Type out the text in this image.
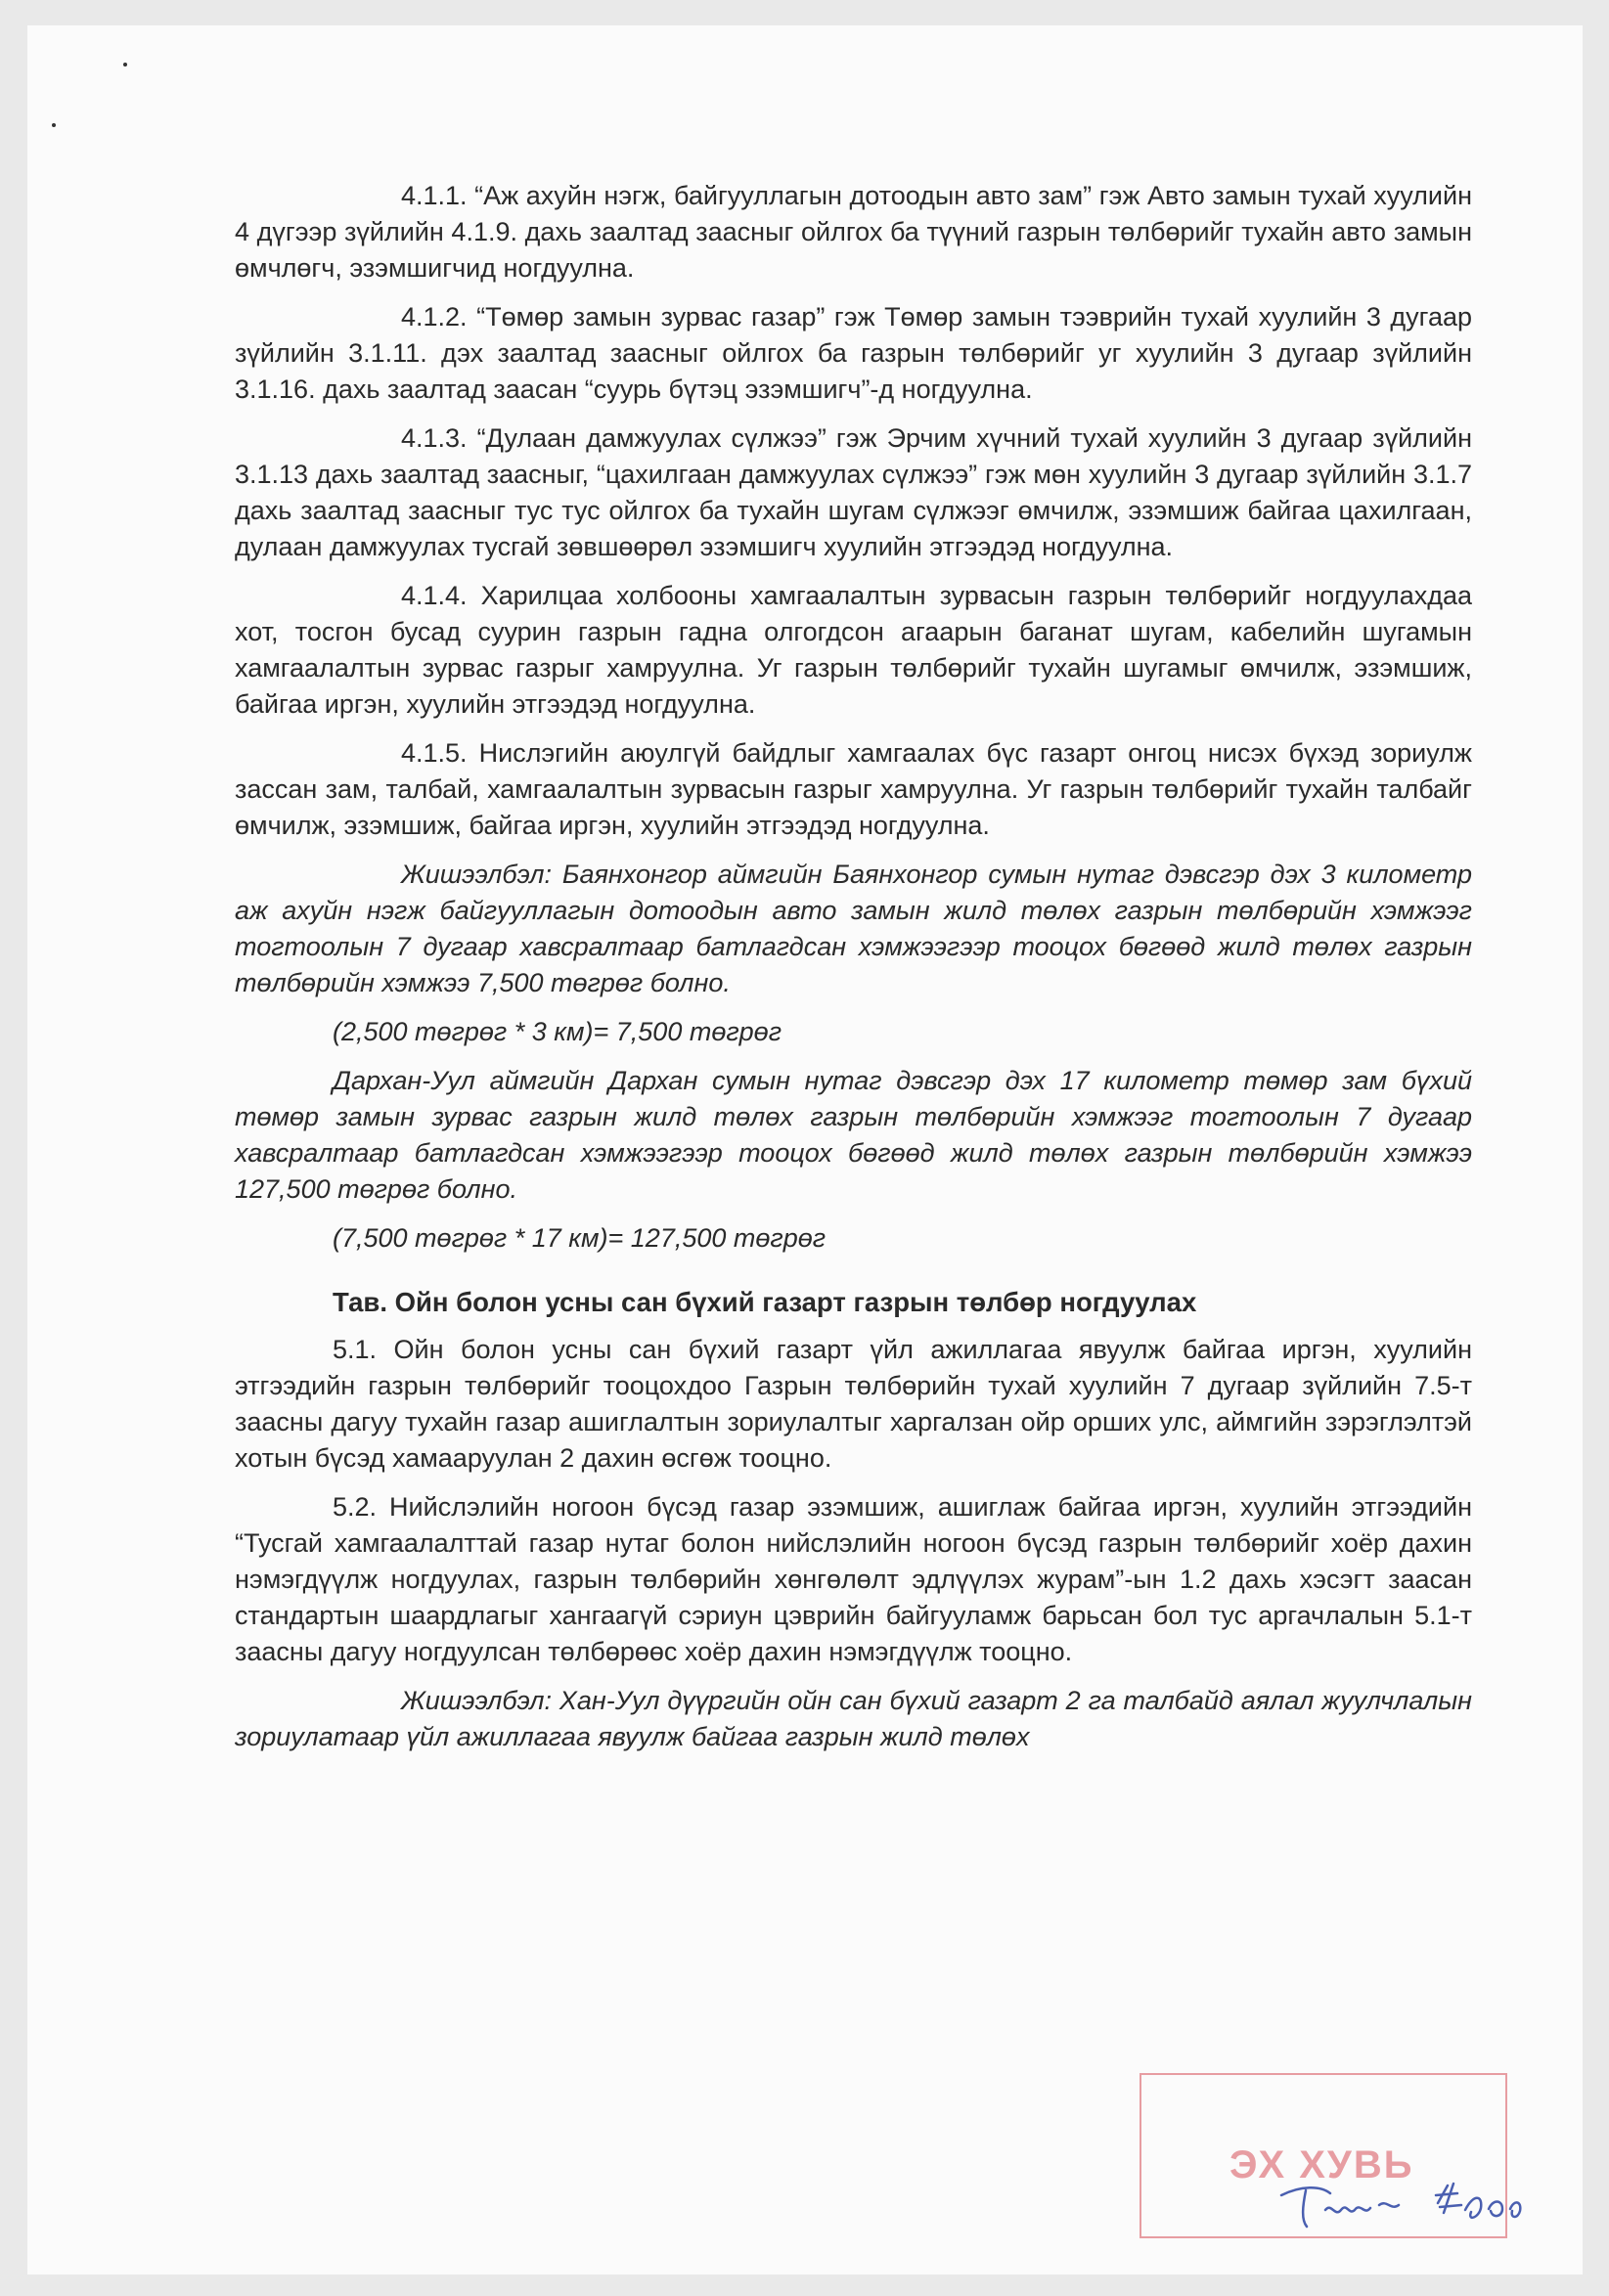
4.1.1. “Аж ахуйн нэгж, байгууллагын дотоодын авто зам” гэж Авто замын тухай хуулийн 4 дүгээр зүйлийн 4.1.9. дахь заалтад заасныг ойлгох ба түүний газрын төлбөрийг тухайн авто замын өмчлөгч, эзэмшигчид ногдуулна.

4.1.2. “Төмөр замын зурвас газар” гэж Төмөр замын тээврийн тухай хуулийн 3 дугаар зүйлийн 3.1.11. дэх заалтад заасныг ойлгох ба газрын төлбөрийг уг хуулийн 3 дугаар зүйлийн 3.1.16. дахь заалтад заасан “суурь бүтэц эзэмшигч”-д ногдуулна.

4.1.3. “Дулаан дамжуулах сүлжээ” гэж Эрчим хүчний тухай хуулийн 3 дугаар зүйлийн 3.1.13 дахь заалтад заасныг, “цахилгаан дамжуулах сүлжээ” гэж мөн хуулийн 3 дугаар зүйлийн 3.1.7 дахь заалтад заасныг тус тус ойлгох ба тухайн шугам сүлжээг өмчилж, эзэмшиж байгаа цахилгаан, дулаан дамжуулах тусгай зөвшөөрөл эзэмшигч хуулийн этгээдэд ногдуулна.

4.1.4. Харилцаа холбооны хамгаалалтын зурвасын газрын төлбөрийг ногдуулахдаа хот, тосгон бусад суурин газрын гадна олгогдсон агаарын баганат шугам, кабелийн шугамын хамгаалалтын зурвас газрыг хамруулна. Уг газрын төлбөрийг тухайн шугамыг өмчилж, эзэмшиж, байгаа иргэн, хуулийн этгээдэд ногдуулна.

4.1.5. Нислэгийн аюулгүй байдлыг хамгаалах бүс газарт онгоц нисэх бүхэд зориулж зассан зам, талбай, хамгаалалтын зурвасын газрыг хамруулна. Уг газрын төлбөрийг тухайн талбайг өмчилж, эзэмшиж, байгаа иргэн, хуулийн этгээдэд ногдуулна.

Жишээлбэл: Баянхонгор аймгийн Баянхонгор сумын нутаг дэвсгэр дэх 3 километр аж ахуйн нэгж байгууллагын дотоодын авто замын жилд төлөх газрын төлбөрийн хэмжээг тогтоолын 7 дугаар хавсралтаар батлагдсан хэмжээгээр тооцох бөгөөд жилд төлөх газрын төлбөрийн хэмжээ 7,500 төгрөг болно.

(2,500 төгрөг * 3 км)= 7,500 төгрөг

Дархан-Уул аймгийн Дархан сумын нутаг дэвсгэр дэх 17 километр төмөр зам бүхий төмөр замын зурвас газрын жилд төлөх газрын төлбөрийн хэмжээг тогтоолын 7 дугаар хавсралтаар батлагдсан хэмжээгээр тооцох бөгөөд жилд төлөх газрын төлбөрийн хэмжээ 127,500 төгрөг болно.

(7,500 төгрөг * 17 км)= 127,500 төгрөг

Тав. Ойн болон усны сан бүхий газарт газрын төлбөр ногдуулах

5.1. Ойн болон усны сан бүхий газарт үйл ажиллагаа явуулж байгаа иргэн, хуулийн этгээдийн газрын төлбөрийг тооцохдоо Газрын төлбөрийн тухай хуулийн 7 дугаар зүйлийн 7.5-т заасны дагуу тухайн газар ашиглалтын зориулалтыг харгалзан ойр орших улс, аймгийн зэрэглэлтэй хотын бүсэд хамааруулан 2 дахин өсгөж тооцно.

5.2. Нийслэлийн ногоон бүсэд газар эзэмшиж, ашиглаж байгаа иргэн, хуулийн этгээдийн “Тусгай хамгаалалттай газар нутаг болон нийслэлийн ногоон бүсэд газрын төлбөрийг хоёр дахин нэмэгдүүлж ногдуулах, газрын төлбөрийн хөнгөлөлт эдлүүлэх журам”-ын 1.2 дахь хэсэгт заасан стандартын шаардлагыг хангаагүй сэриун цэврийн байгууламж барьсан бол тус аргачлалын 5.1-т заасны дагуу ногдуулсан төлбөрөөс хоёр дахин нэмэгдүүлж тооцно.

Жишээлбэл: Хан-Уул дүүргийн ойн сан бүхий газарт 2 га талбайд аялал жуулчлалын зориулатаар үйл ажиллагаа явуулж байгаа газрын жилд төлөх

ЭХ ХУВЬ
